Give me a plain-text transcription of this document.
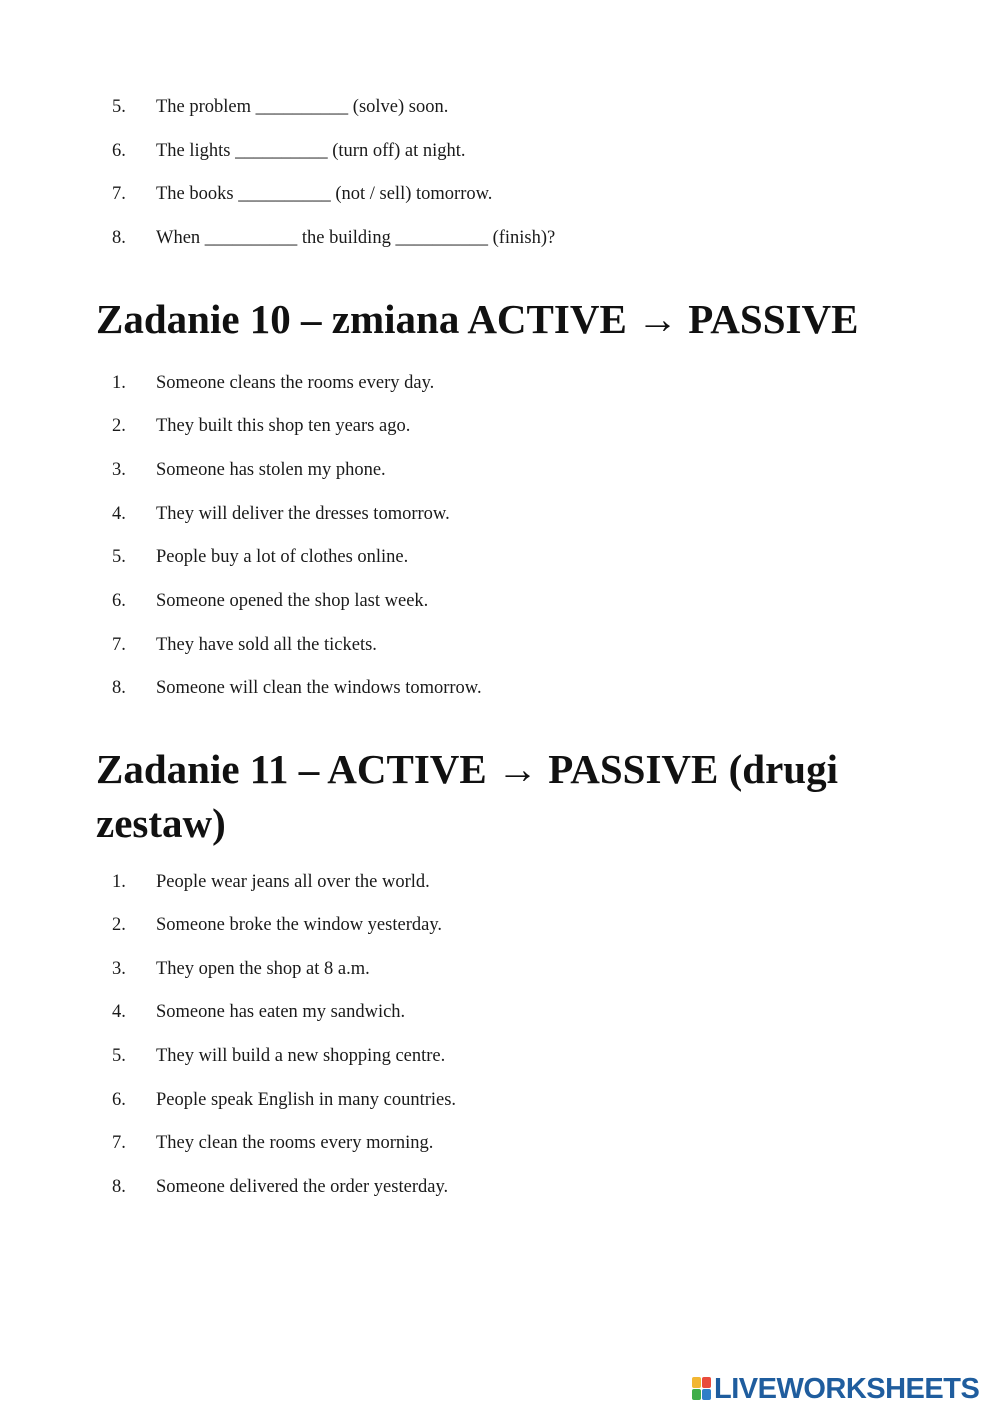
5. The problem __________ (solve) soon.
6. The lights __________ (turn off) at night.
7. The books __________ (not / sell) tomorrow.
8. When __________ the building __________ (finish)?
Zadanie 10 – zmiana ACTIVE → PASSIVE
1. Someone cleans the rooms every day.
2. They built this shop ten years ago.
3. Someone has stolen my phone.
4. They will deliver the dresses tomorrow.
5. People buy a lot of clothes online.
6. Someone opened the shop last week.
7. They have sold all the tickets.
8. Someone will clean the windows tomorrow.
Zadanie 11 – ACTIVE → PASSIVE (drugi zestaw)
1. People wear jeans all over the world.
2. Someone broke the window yesterday.
3. They open the shop at 8 a.m.
4. Someone has eaten my sandwich.
5. They will build a new shopping centre.
6. People speak English in many countries.
7. They clean the rooms every morning.
8. Someone delivered the order yesterday.
LIVEWORKSHEETS
